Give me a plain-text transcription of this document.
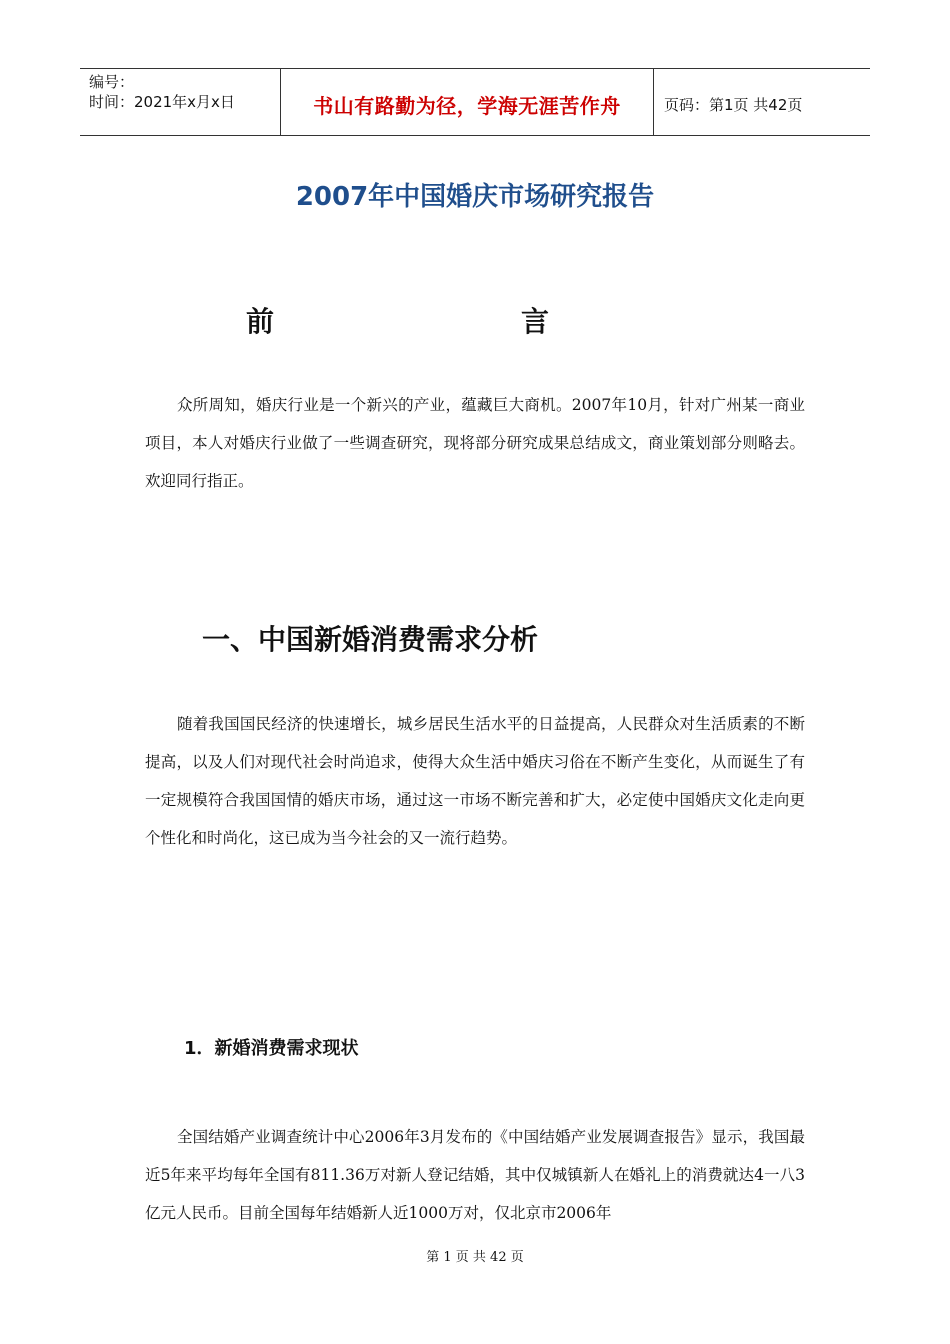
编号：
时间：2021年x月x日	书山有路勤为径，学海无涯苦作舟	页码：第1页 共42页
2007年中国婚庆市场研究报告
前	言
众所周知，婚庆行业是一个新兴的产业，蕴藏巨大商机。2007年10月，针对广州某一商业项目，本人对婚庆行业做了一些调查研究，现将部分研究成果总结成文，商业策划部分则略去。欢迎同行指正。
一、中国新婚消费需求分析
随着我国国民经济的快速增长，城乡居民生活水平的日益提高，人民群众对生活质素的不断提高，以及人们对现代社会时尚追求，使得大众生活中婚庆习俗在不断产生变化，从而诞生了有一定规模符合我国国情的婚庆市场，通过这一市场不断完善和扩大，必定使中国婚庆文化走向更个性化和时尚化，这已成为当今社会的又一流行趋势。
1．新婚消费需求现状
全国结婚产业调查统计中心2006年3月发布的《中国结婚产业发展调查报告》显示，我国最近5年来平均每年全国有811.36万对新人登记结婚，其中仅城镇新人在婚礼上的消费就达4一八3亿元人民币。目前全国每年结婚新人近1000万对，仅北京市2006年
第 1 页 共 42 页
